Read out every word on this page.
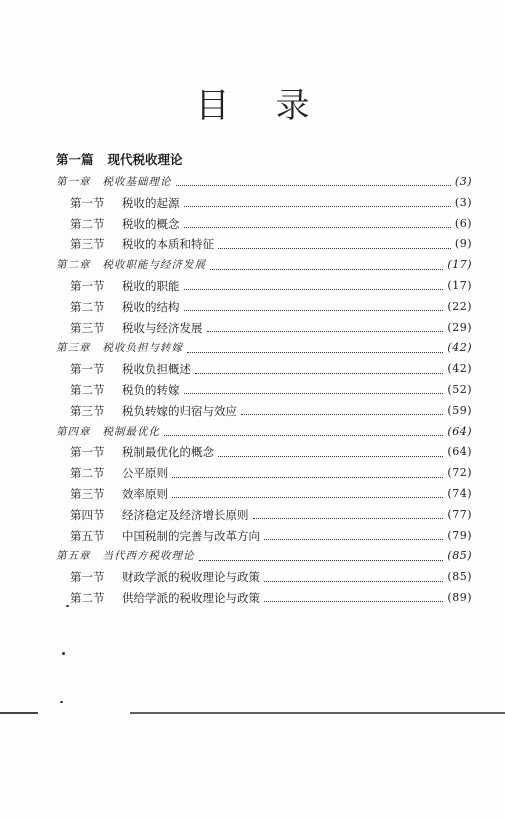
目录
第一篇 现代税收理论
第一章 税收基础理论	(3)
第一节	税收的起源	(3)
第二节	税收的概念	(6)
第三节	税收的本质和特征	(9)
第二章 税收职能与经济发展	(17)
第一节	税收的职能	(17)
第二节	税收的结构	(22)
第三节	税收与经济发展	(29)
第三章 税收负担与转嫁	(42)
第一节	税收负担概述	(42)
第二节	税负的转嫁	(52)
第三节	税负转嫁的归宿与效应	(59)
第四章 税制最优化	(64)
第一节	税制最优化的概念	(64)
第二节	公平原则	(72)
第三节	效率原则	(74)
第四节	经济稳定及经济增长原则	(77)
第五节	中国税制的完善与改革方向	(79)
第五章 当代西方税收理论	(85)
第一节	财政学派的税收理论与政策	(85)
第二节	供给学派的税收理论与政策	(89)
